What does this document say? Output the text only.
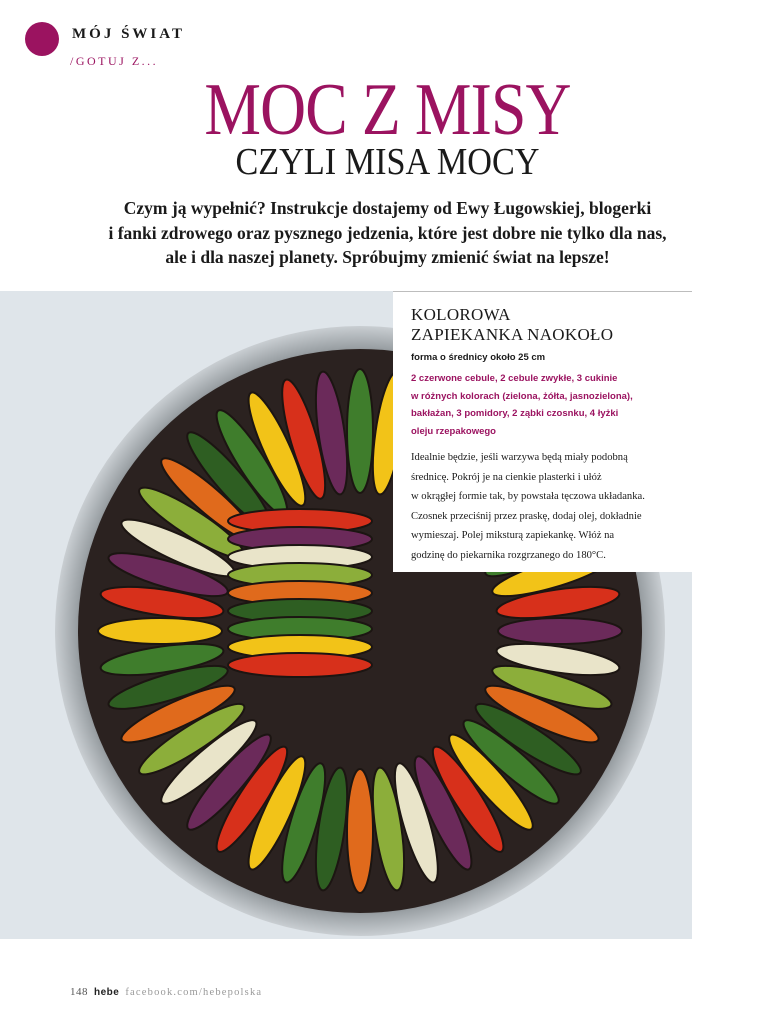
MÓJ ŚWIAT
/GOTUJ Z...
MOC Z MISY
CZYLI MISA MOCY
Czym ją wypełnić? Instrukcje dostajemy od Ewy Ługowskiej, blogerki
i fanki zdrowego oraz pysznego jedzenia, które jest dobre nie tylko dla nas,
ale i dla naszej planety. Spróbujmy zmienić świat na lepsze!
KOLOROWA
ZAPIEKANKA NAOKOŁO
forma o średnicy około 25 cm
2 czerwone cebule, 2 cebule zwykłe, 3 cukinie
w różnych kolorach (zielona, żółta, jasnozielona),
bakłażan, 3 pomidory, 2 ząbki czosnku, 4 łyżki
oleju rzepakowego
Idealnie będzie, jeśli warzywa będą miały podobną
średnicę. Pokrój je na cienkie plasterki i ułóż
w okrągłej formie tak, by powstała tęczowa układanka.
Czosnek przeciśnij przez praskę, dodaj olej, dokładnie
wymieszaj. Polej miksturą zapiekankę. Włóż na
godzinę do piekarnika rozgrzanego do 180°C.
148 hebe facebook.com/hebepolska
